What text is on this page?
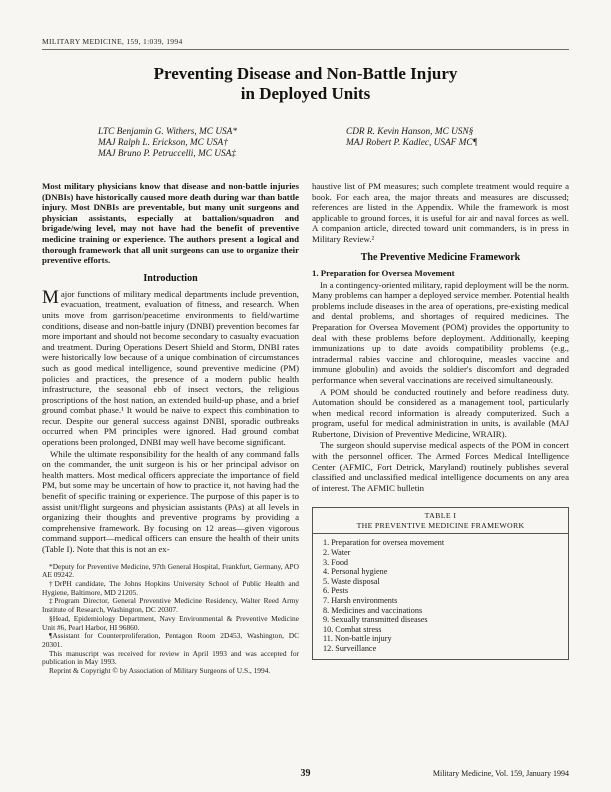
MILITARY MEDICINE, 159, 1:039, 1994
Preventing Disease and Non-Battle Injury
in Deployed Units
LTC Benjamin G. Withers, MC USA*
MAJ Ralph L. Erickson, MC USA†
MAJ Bruno P. Petruccelli, MC USA‡
CDR R. Kevin Hanson, MC USN§
MAJ Robert P. Kadlec, USAF MC¶

Most military physicians know that disease and non-battle injuries (DNBIs) have historically caused more death during war than battle injury. Most DNBIs are preventable, but many unit surgeons and physician assistants, especially at battalion/squadron and brigade/wing level, may not have had the benefit of preventive medicine training or experience. The authors present a logical and thorough framework that all unit surgeons can use to organize their preventive efforts.

Introduction

Major functions of military medical departments include prevention, evacuation, treatment, evaluation of fitness, and research. When units move from garrison/peacetime environments to field/wartime conditions, disease and non-battle injury (DNBI) prevention becomes far more important and should not become secondary to casualty evacuation and treatment. During Operations Desert Shield and Storm, DNBI rates were historically low because of a unique combination of circumstances such as good medical intelligence, sound preventive medicine (PM) policies and practices, the presence of a modern public health infrastructure, the seasonal ebb of insect vectors, the religious proscriptions of the host nation, an extended build-up phase, and a brief ground combat phase.¹ It would be naive to expect this combination to recur. Despite our general success against DNBI, sporadic outbreaks occurred when PM principles were ignored. Had ground combat operations been prolonged, DNBI may well have become significant.

While the ultimate responsibility for the health of any command falls on the commander, the unit surgeon is his or her principal advisor on health matters. Most medical officers appreciate the importance of field PM, but some may be uncertain of how to practice it, not having had the benefit of specific training or experience. The purpose of this paper is to assist unit/flight surgeons and physician assistants (PAs) at all levels in organizing their thoughts and preventive programs by providing a comprehensive framework. By focusing on 12 areas—given vigorous command support—medical officers can ensure the health of their units (Table I). Note that this is not an ex-

*Deputy for Preventive Medicine, 97th General Hospital, Frankfurt, Germany, APO AE 09242.

†DrPH candidate, The Johns Hopkins University School of Public Health and Hygiene, Baltimore, MD 21205.

‡Program Director, General Preventive Medicine Residency, Walter Reed Army Institute of Research, Washington, DC 20307.

§Head, Epidemiology Department, Navy Environmental & Preventive Medicine Unit #6, Pearl Harbor, HI 96860.

¶Assistant for Counterproliferation, Pentagon Room 2D453, Washington, DC 20301.

This manuscript was received for review in April 1993 and was accepted for publication in May 1993.

Reprint & Copyright © by Association of Military Surgeons of U.S., 1994.

haustive list of PM measures; such complete treatment would require a book. For each area, the major threats and measures are discussed; references are listed in the Appendix. While the framework is most applicable to ground forces, it is useful for air and naval forces as well. A companion article, directed toward unit commanders, is in press in Military Review.²

The Preventive Medicine Framework
1. Preparation for Oversea Movement

In a contingency-oriented military, rapid deployment will be the norm. Many problems can hamper a deployed service member. Potential health problems include diseases in the area of operations, pre-existing medical and dental problems, and shortages of required medicines. The Preparation for Oversea Movement (POM) provides the opportunity to deal with these problems before deployment. Additionally, keeping immunizations up to date avoids compatibility problems (e.g., intradermal rabies vaccine and chloroquine, measles vaccine and immune globulin) and avoids the soldier's discomfort and degraded performance when several vaccinations are received simultaneously.

A POM should be conducted routinely and before readiness duty. Automation should be considered as a management tool, particularly when medical record information is already computerized. Such a program, useful for medical administration in units, is available (MAJ Rubertone, Division of Preventive Medicine, WRAIR).

The surgeon should supervise medical aspects of the POM in concert with the personnel officer. The Armed Forces Medical Intelligence Center (AFMIC, Fort Detrick, Maryland) routinely publishes several classified and unclassified medical intelligence documents on any area of interest. The AFMIC bulletin

TABLE I
THE PREVENTIVE MEDICINE FRAMEWORK
1. Preparation for oversea movement
2. Water
3. Food
4. Personal hygiene
5. Waste disposal
6. Pests
7. Harsh environments
8. Medicines and vaccinations
9. Sexually transmitted diseases
10. Combat stress
11. Non-battle injury
12. Surveillance
39	Military Medicine, Vol. 159, January 1994
